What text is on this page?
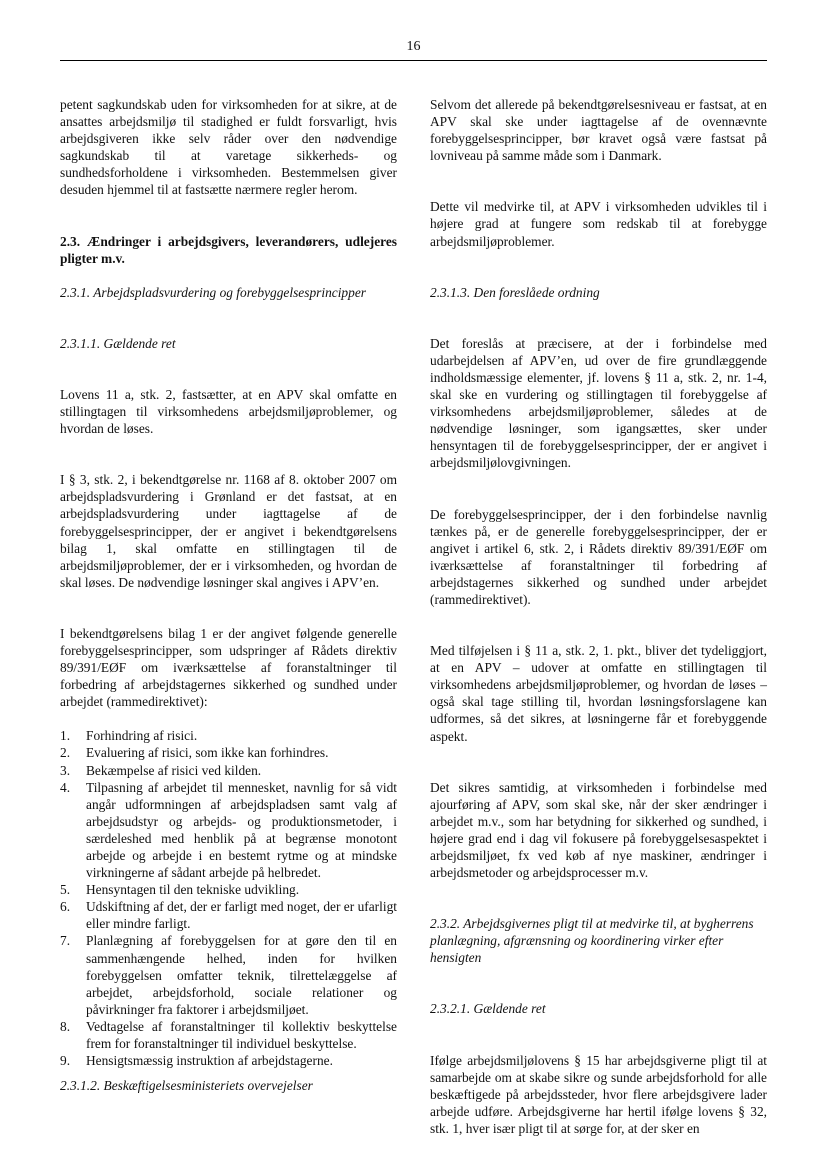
16

petent sagkundskab uden for virksomheden for at sikre, at de ansattes arbejdsmiljø til stadighed er fuldt forsvarligt, hvis arbejdsgiveren ikke selv råder over den nødvendige sagkundskab til at varetage sikkerheds- og sundhedsforholdene i virksomheden. Bestemmelsen giver desuden hjemmel til at fastsætte nærmere regler herom.

2.3. Ændringer i arbejdsgivers, leverandørers, udlejeres pligter m.v.

2.3.1. Arbejdspladsvurdering og forebyggelsesprincipper

2.3.1.1. Gældende ret

Lovens 11 a, stk. 2, fastsætter, at en APV skal omfatte en stillingtagen til virksomhedens arbejdsmiljøproblemer, og hvordan de løses.

I § 3, stk. 2, i bekendtgørelse nr. 1168 af 8. oktober 2007 om arbejdspladsvurdering i Grønland er det fastsat, at en arbejdspladsvurdering under iagttagelse af de forebyggelsesprincipper, der er angivet i bekendtgørelsens bilag 1, skal omfatte en stillingtagen til de arbejdsmiljøproblemer, der er i virksomheden, og hvordan de skal løses. De nødvendige løsninger skal angives i APV’en.

I bekendtgørelsens bilag 1 er der angivet følgende generelle forebyggelsesprincipper, som udspringer af Rådets direktiv 89/391/EØF om iværksættelse af foranstaltninger til forbedring af arbejdstagernes sikkerhed og sundhed under arbejdet (rammedirektivet):

1. Forhindring af risici.
2. Evaluering af risici, som ikke kan forhindres.
3. Bekæmpelse af risici ved kilden.
4. Tilpasning af arbejdet til mennesket, navnlig for så vidt angår udformningen af arbejdspladsen samt valg af arbejdsudstyr og arbejds- og produktionsmetoder, i særdeleshed med henblik på at begrænse monotont arbejde og arbejde i en bestemt rytme og at mindske virkningerne af sådant arbejde på helbredet.
5. Hensyntagen til den tekniske udvikling.
6. Udskiftning af det, der er farligt med noget, der er ufarligt eller mindre farligt.
7. Planlægning af forebyggelsen for at gøre den til en sammenhængende helhed, inden for hvilken forebyggelsen omfatter teknik, tilrettelæggelse af arbejdet, arbejdsforhold, sociale relationer og påvirkninger fra faktorer i arbejdsmiljøet.
8. Vedtagelse af foranstaltninger til kollektiv beskyttelse frem for foranstaltninger til individuel beskyttelse.
9. Hensigtsmæssig instruktion af arbejdstagerne.

2.3.1.2. Beskæftigelsesministeriets overvejelser

Selvom det allerede på bekendtgørelsesniveau er fastsat, at en APV skal ske under iagttagelse af de ovennævnte forebyggelsesprincipper, bør kravet også være fastsat på lovniveau på samme måde som i Danmark.

Dette vil medvirke til, at APV i virksomheden udvikles til i højere grad at fungere som redskab til at forebygge arbejdsmiljøproblemer.

2.3.1.3. Den foreslåede ordning

Det foreslås at præcisere, at der i forbindelse med udarbejdelsen af APV’en, ud over de fire grundlæggende indholdsmæssige elementer, jf. lovens § 11 a, stk. 2, nr. 1-4, skal ske en vurdering og stillingtagen til forebyggelse af virksomhedens arbejdsmiljøproblemer, således at de nødvendige løsninger, som igangsættes, sker under hensyntagen til de forebyggelsesprincipper, der er angivet i arbejdsmiljølovgivningen.

De forebyggelsesprincipper, der i den forbindelse navnlig tænkes på, er de generelle forebyggelsesprincipper, der er angivet i artikel 6, stk. 2, i Rådets direktiv 89/391/EØF om iværksættelse af foranstaltninger til forbedring af arbejdstagernes sikkerhed og sundhed under arbejdet (rammedirektivet).

Med tilføjelsen i § 11 a, stk. 2, 1. pkt., bliver det tydeliggjort, at en APV – udover at omfatte en stillingtagen til virksomhedens arbejdsmiljøproblemer, og hvordan de løses – også skal tage stilling til, hvordan løsningsforslagene kan udformes, så det sikres, at løsningerne får et forebyggende aspekt.

Det sikres samtidig, at virksomheden i forbindelse med ajourføring af APV, som skal ske, når der sker ændringer i arbejdet m.v., som har betydning for sikkerhed og sundhed, i højere grad end i dag vil fokusere på forebyggelsesaspektet i arbejdsmiljøet, fx ved køb af nye maskiner, ændringer i arbejdsmetoder og arbejdsprocesser m.v.

2.3.2. Arbejdsgivernes pligt til at medvirke til, at bygherrens planlægning, afgrænsning og koordinering virker efter hensigten

2.3.2.1. Gældende ret

Ifølge arbejdsmiljølovens § 15 har arbejdsgiverne pligt til at samarbejde om at skabe sikre og sunde arbejdsforhold for alle beskæftigede på arbejdssteder, hvor flere arbejdsgivere lader arbejde udføre. Arbejdsgiverne har hertil ifølge lovens § 32, stk. 1, hver især pligt til at sørge for, at der sker en
